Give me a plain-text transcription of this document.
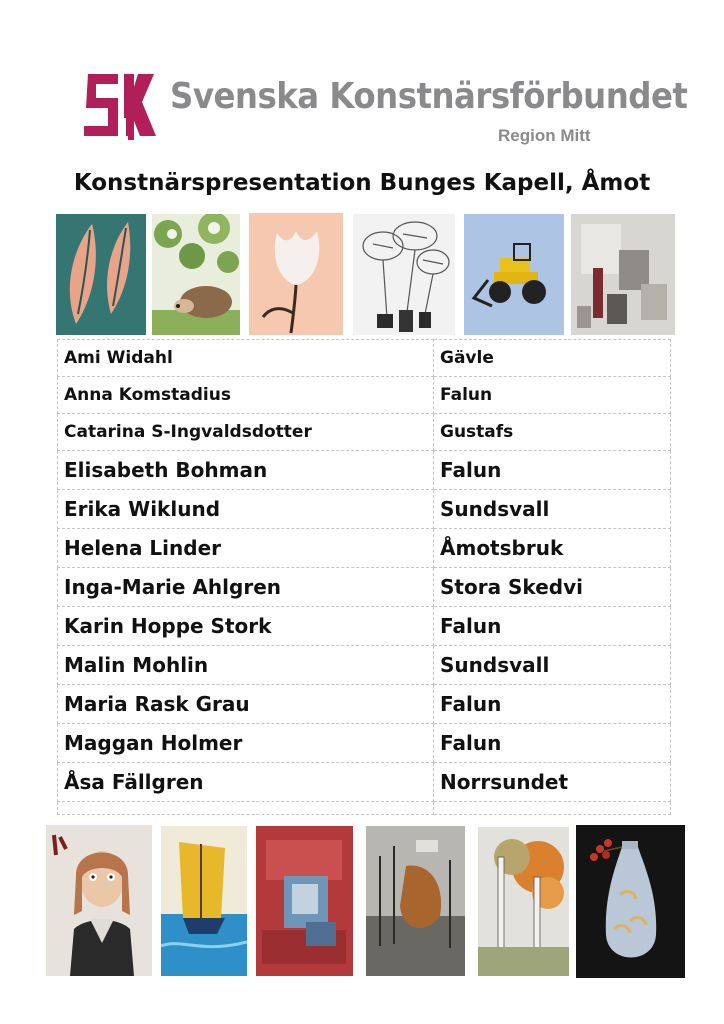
Svenska Konstnärsförbundet
Region Mitt
Konstnärspresentation Bunges Kapell, Åmot
Ami Widahl	Gävle
Anna Komstadius	Falun
Catarina S-Ingvaldsdotter	Gustafs
Elisabeth Bohman	Falun
Erika Wiklund	Sundsvall
Helena Linder	Åmotsbruk
Inga-Marie Ahlgren	Stora Skedvi
Karin Hoppe Stork	Falun
Malin Mohlin	Sundsvall
Maria Rask Grau	Falun
Maggan Holmer	Falun
Åsa Fällgren	Norrsundet
